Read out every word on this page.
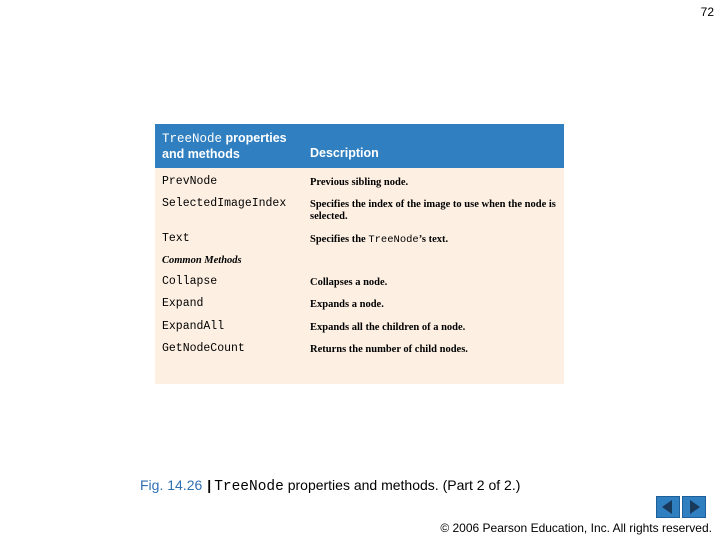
72
TreeNode properties and methods	Description
PrevNode	Previous sibling node.
SelectedImageIndex Specifies the index of the image to use when the node is selected.
Text	Specifies the TreeNode’s text.
Common Methods
Collapse	Collapses a node.
Expand	Expands a node.
ExpandAll	Expands all the children of a node.
GetNodeCount	Returns the number of child nodes.
Fig. 14.26 | TreeNode properties and methods. (Part 2 of 2.)
© 2006 Pearson Education, Inc. All rights reserved.
